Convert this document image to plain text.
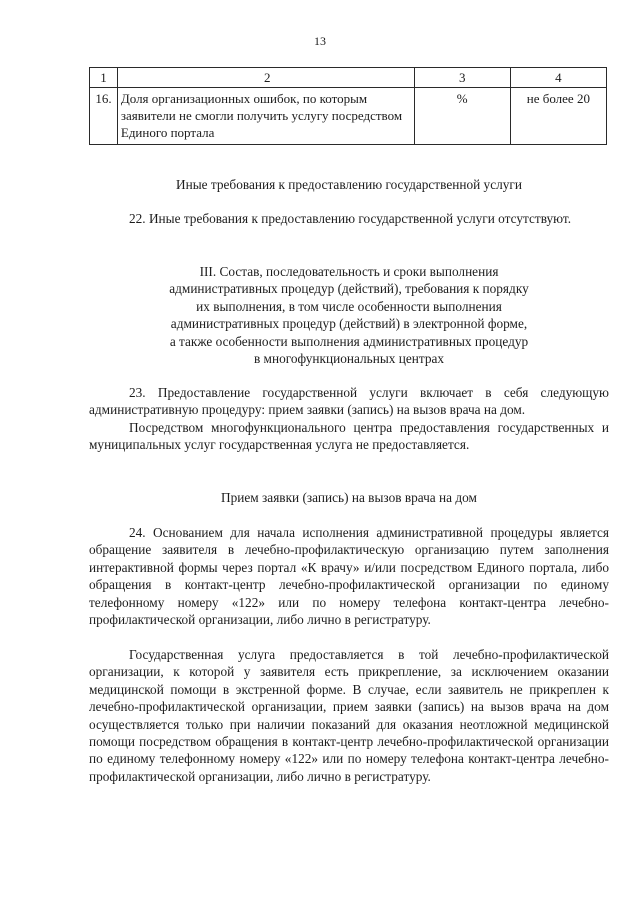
13
1	2	3	4
16.	Доля организационных ошибок, по которым заявители не смогли получить услугу посредством Единого портала	%	не более 20
Иные требования к предоставлению государственной услуги
22. Иные требования к предоставлению государственной услуги отсутствуют.

III. Состав, последовательность и сроки выполнения

административных процедур (действий), требования к порядку

их выполнения, в том числе особенности выполнения

административных процедур (действий) в электронной форме,

а также особенности выполнения административных процедур

в многофункциональных центрах

23. Предоставление государственной услуги включает в себя следующую административную процедуру: прием заявки (запись) на вызов врача на дом.
Посредством многофункционального центра предоставления государственных и муниципальных услуг государственная услуга не предоставляется.
Прием заявки (запись) на вызов врача на дом
24. Основанием для начала исполнения административной процедуры является обращение заявителя в лечебно-профилактическую организацию путем заполнения интерактивной формы через портал «К врачу» и/или посредством Единого портала, либо обращения в контакт-центр лечебно-профилактической организации по единому телефонному номеру «122» или по номеру телефона контакт-центра лечебно-профилактической организации, либо лично в регистратуру.
Государственная услуга предоставляется в той лечебно-профилактической организации, к которой у заявителя есть прикрепление, за исключением оказании медицинской помощи в экстренной форме. В случае, если заявитель не прикреплен к лечебно-профилактической организации, прием заявки (запись) на вызов врача на дом осуществляется только при наличии показаний для оказания неотложной медицинской помощи посредством обращения в контакт-центр лечебно-профилактической организации по единому телефонному номеру «122» или по номеру телефона контакт-центра лечебно-профилактической организации, либо лично в регистратуру.
